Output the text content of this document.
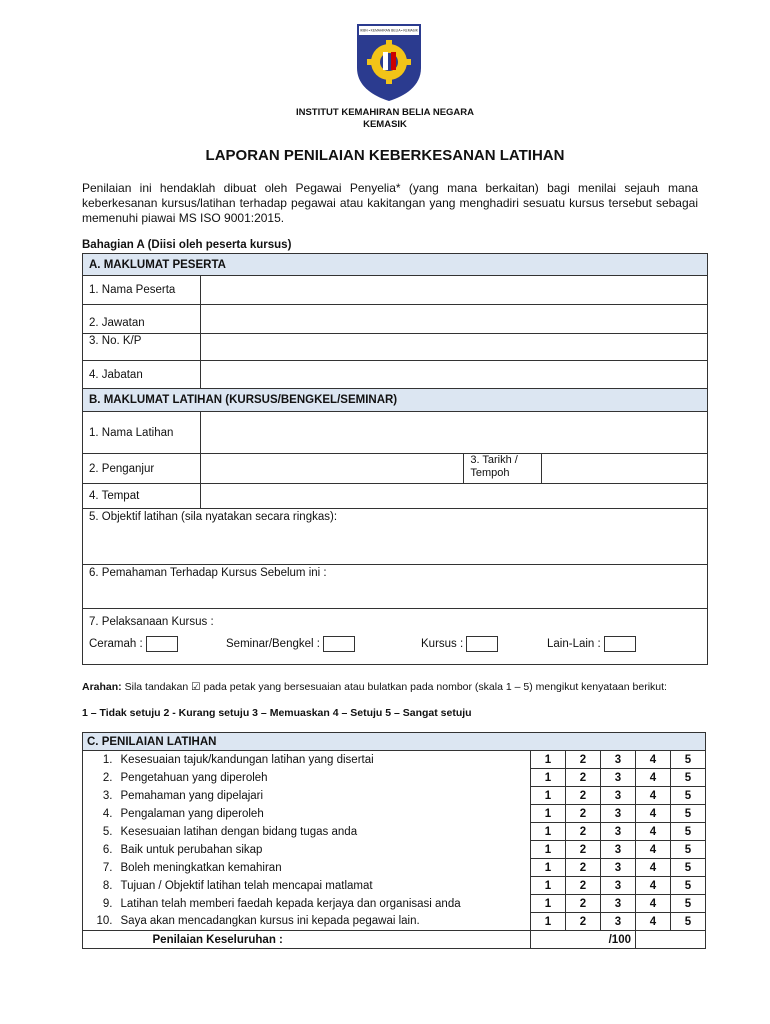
IKBN • KEMAHIRAN BELIA • KEMASIK
INSTITUT KEMAHIRAN BELIA NEGARA
KEMASIK
LAPORAN PENILAIAN KEBERKESANAN LATIHAN
Penilaian ini hendaklah dibuat oleh Pegawai Penyelia* (yang mana berkaitan) bagi menilai sejauh mana keberkesanan kursus/latihan terhadap pegawai atau kakitangan yang menghadiri sesuatu kursus tersebut sebagai memenuhi piawai MS ISO 9001:2015.
Bahagian A (Diisi oleh peserta kursus)
A. MAKLUMAT PESERTA			
1. Nama Peserta			
2. Jawatan			
3. No. K/P			
4. Jabatan			
B. MAKLUMAT LATIHAN (KURSUS/BENGKEL/SEMINAR)			
1. Nama Latihan			
2. Penganjur		3. Tarikh / Tempoh	
4. Tempat			
5. Objektif latihan (sila nyatakan secara ringkas):			
6. Pemahaman Terhadap Kursus Sebelum ini :			

7. Pelaksanaan Kursus :
Ceramah : Seminar/Bengkel : Kursus : Lain-Lain :			
Arahan: Sila tandakan ☑ pada petak yang bersesuaian atau bulatkan pada nombor (skala 1 – 5) mengikut kenyataan berikut:
1 – Tidak setuju 2 - Kurang setuju 3 – Memuaskan 4 – Setuju 5 – Sangat setuju
C. PENILAIAN LATIHAN						
1.	Kesesuaian tajuk/kandungan latihan yang disertai	1	2	3	4	5
2.	Pengetahuan yang diperoleh	1	2	3	4	5
3.	Pemahaman yang dipelajari	1	2	3	4	5
4.	Pengalaman yang diperoleh	1	2	3	4	5
5.	Kesesuaian latihan dengan bidang tugas anda	1	2	3	4	5
6.	Baik untuk perubahan sikap	1	2	3	4	5
7.	Boleh meningkatkan kemahiran	1	2	3	4	5
8.	Tujuan / Objektif latihan telah mencapai matlamat	1	2	3	4	5
9.	Latihan telah memberi faedah kepada kerjaya dan organisasi anda	1	2	3	4	5
10.	Saya akan mencadangkan kursus ini kepada pegawai lain.	1	2	3	4	5
	Penilaian Keseluruhan :	/100				
